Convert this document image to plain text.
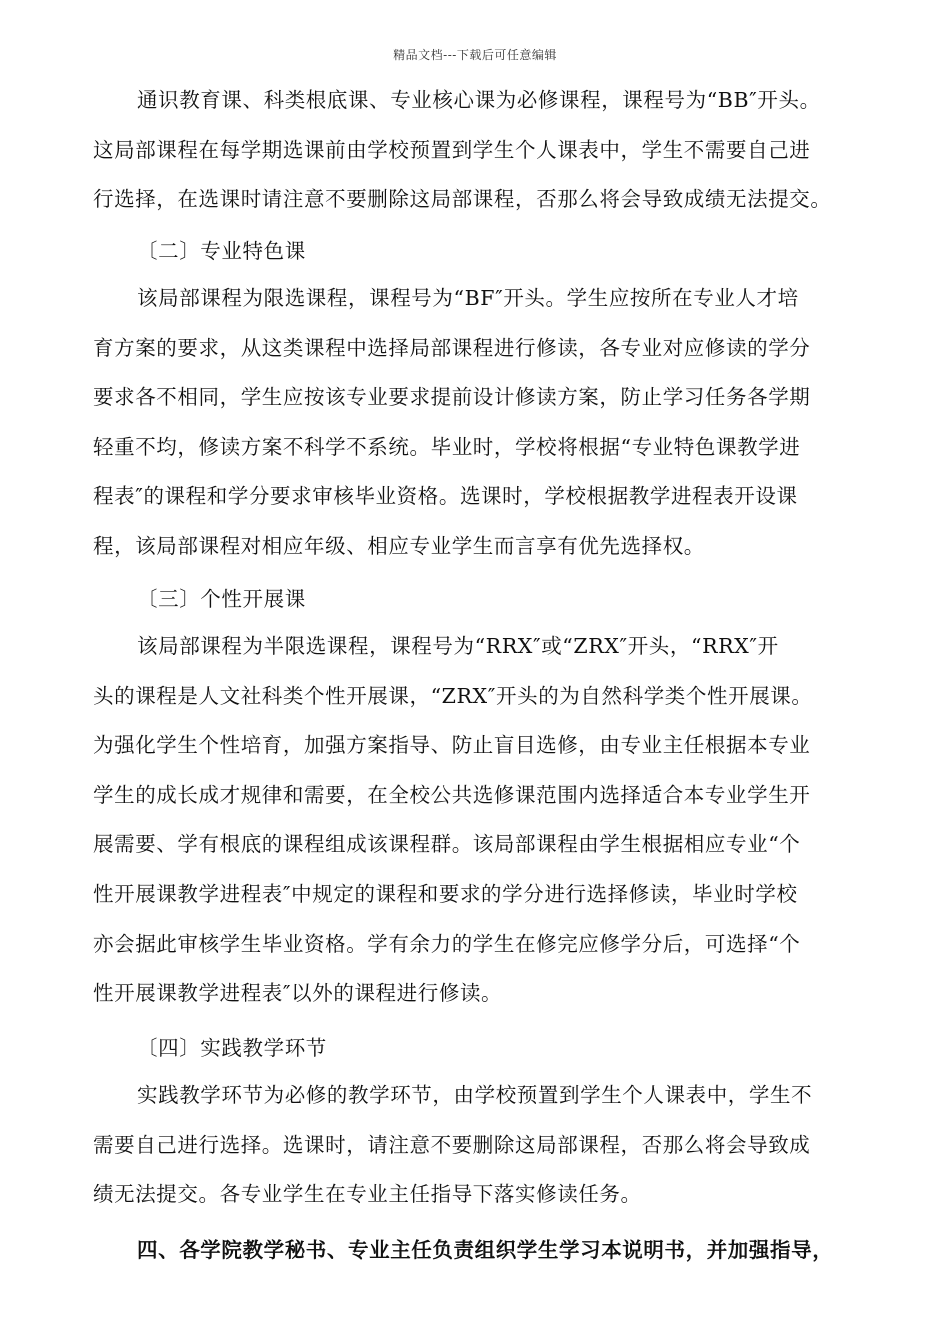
精品文档---下载后可任意编辑
通识教育课、科类根底课、专业核心课为必修课程，课程号为“BB″开头。
这局部课程在每学期选课前由学校预置到学生个人课表中，学生不需要自己进
行选择，在选课时请注意不要删除这局部课程，否那么将会导致成绩无法提交。
〔二〕专业特色课
该局部课程为限选课程，课程号为“BF″开头。学生应按所在专业人才培
育方案的要求，从这类课程中选择局部课程进行修读，各专业对应修读的学分
要求各不相同，学生应按该专业要求提前设计修读方案，防止学习任务各学期
轻重不均，修读方案不科学不系统。毕业时，学校将根据“专业特色课教学进
程表″的课程和学分要求审核毕业资格。选课时，学校根据教学进程表开设课
程，该局部课程对相应年级、相应专业学生而言享有优先选择权。
〔三〕个性开展课
该局部课程为半限选课程，课程号为“RRX″或“ZRX″开头，“RRX″开
头的课程是人文社科类个性开展课，“ZRX″开头的为自然科学类个性开展课。
为强化学生个性培育，加强方案指导、防止盲目选修，由专业主任根据本专业
学生的成长成才规律和需要，在全校公共选修课范围内选择适合本专业学生开
展需要、学有根底的课程组成该课程群。该局部课程由学生根据相应专业“个
性开展课教学进程表″中规定的课程和要求的学分进行选择修读，毕业时学校
亦会据此审核学生毕业资格。学有余力的学生在修完应修学分后，可选择“个
性开展课教学进程表″以外的课程进行修读。
〔四〕实践教学环节
实践教学环节为必修的教学环节，由学校预置到学生个人课表中，学生不
需要自己进行选择。选课时，请注意不要删除这局部课程，否那么将会导致成
绩无法提交。各专业学生在专业主任指导下落实修读任务。
四、各学院教学秘书、专业主任负责组织学生学习本说明书，并加强指导，
